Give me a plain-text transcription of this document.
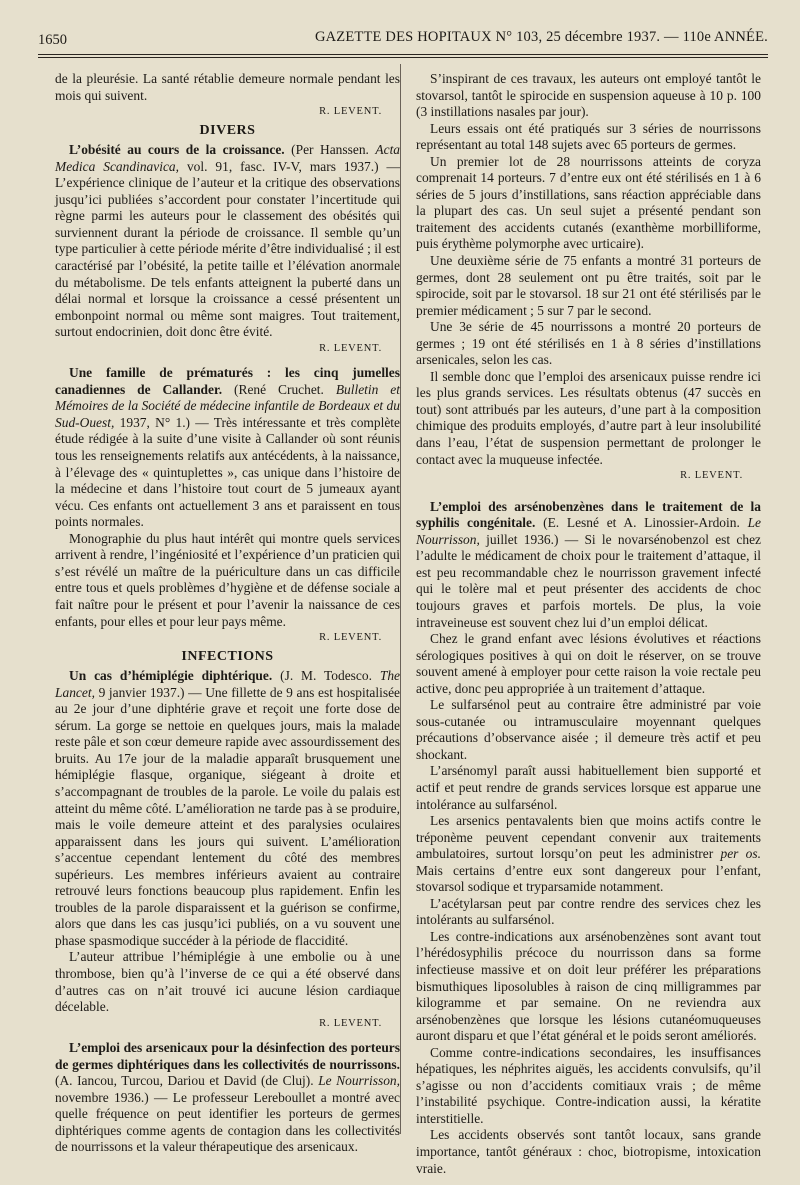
1650	GAZETTE DES HOPITAUX N° 103, 25 décembre 1937. — 110e ANNÉE.

de la pleurésie. La santé rétablie demeure normale pendant les mois qui suivent.

R. LEVENT.

DIVERS

L’obésité au cours de la croissance. (Per Hanssen. Acta Medica Scandinavica, vol. 91, fasc. IV-V, mars 1937.) — L’expérience clinique de l’auteur et la critique des observations jusqu’ici publiées s’accordent pour constater l’incertitude qui règne parmi les auteurs pour le classement des obésités qui surviennent durant la période de croissance. Il semble qu’un type particulier à cette période mérite d’être individualisé ; il est caractérisé par l’obésité, la petite taille et l’élévation anormale du métabolisme. De tels enfants atteignent la puberté dans un délai normal et lorsque la croissance a cessé présentent un embonpoint normal ou même sont maigres. Tout traitement, surtout endocrinien, doit donc être évité.

R. LEVENT.

Une famille de prématurés : les cinq jumelles canadiennes de Callander. (René Cruchet. Bulletin et Mémoires de la Société de médecine infantile de Bordeaux et du Sud-Ouest, 1937, N° 1.) — Très intéressante et très complète étude rédigée à la suite d’une visite à Callander où sont réunis tous les renseignements relatifs aux antécédents, à la naissance, à l’élevage des « quintuplettes », cas unique dans l’histoire de la médecine et dans l’histoire tout court de 5 jumeaux ayant vécu. Ces enfants ont actuellement 3 ans et paraissent en tous points normales.

Monographie du plus haut intérêt qui montre quels services arrivent à rendre, l’ingéniosité et l’expérience d’un praticien qui s’est révélé un maître de la puériculture dans un cas difficile entre tous et quels problèmes d’hygiène et de défense sociale a fait naître pour le présent et pour l’avenir la naissance de ces enfants, pour elles et pour leur pays même.

R. LEVENT.

INFECTIONS

Un cas d’hémiplégie diphtérique. (J. M. Todesco. The Lancet, 9 janvier 1937.) — Une fillette de 9 ans est hospitalisée au 2e jour d’une diphtérie grave et reçoit une forte dose de sérum. La gorge se nettoie en quelques jours, mais la malade reste pâle et son cœur demeure rapide avec assourdissement des bruits. Au 17e jour de la maladie apparaît brusquement une hémiplégie flasque, organique, siégeant à droite et s’accompagnant de troubles de la parole. Le voile du palais est atteint du même côté. L’amélioration ne tarde pas à se produire, mais le voile demeure atteint et des paralysies oculaires apparaissent dans les jours qui suivent. L’amélioration s’accentue cependant lentement du côté des membres supérieurs. Les membres inférieurs avaient au contraire retrouvé leurs fonctions beaucoup plus rapidement. Enfin les troubles de la parole disparaissent et la guérison se confirme, alors que dans les cas jusqu’ici publiés, on a vu souvent une phase spasmodique succéder à la période de flaccidité.

L’auteur attribue l’hémiplégie à une embolie ou à une thrombose, bien qu’à l’inverse de ce qui a été observé dans d’autres cas on n’ait trouvé ici aucune lésion cardiaque décelable.

R. LEVENT.

L’emploi des arsenicaux pour la désinfection des porteurs de germes diphtériques dans les collectivités de nourrissons. (A. Iancou, Turcou, Dariou et David (de Cluj). Le Nourrisson, novembre 1936.) — Le professeur Lereboullet a montré avec quelle fréquence on peut identifier les porteurs de germes diphtériques comme agents de contagion dans les collectivités de nourrissons et la valeur thérapeutique des arsenicaux.

S’inspirant de ces travaux, les auteurs ont employé tantôt le stovarsol, tantôt le spirocide en suspension aqueuse à 10 p. 100 (3 instillations nasales par jour).

Leurs essais ont été pratiqués sur 3 séries de nourrissons représentant au total 148 sujets avec 65 porteurs de germes.

Un premier lot de 28 nourrissons atteints de coryza comprenait 14 porteurs. 7 d’entre eux ont été stérilisés en 1 à 6 séries de 5 jours d’instillations, sans réaction appréciable dans la plupart des cas. Un seul sujet a présenté pendant son traitement des accidents cutanés (exanthème morbilliforme, puis érythème polymorphe avec urticaire).

Une deuxième série de 75 enfants a montré 31 porteurs de germes, dont 28 seulement ont pu être traités, soit par le spirocide, soit par le stovarsol. 18 sur 21 ont été stérilisés par le premier médicament ; 5 sur 7 par le second.

Une 3e série de 45 nourrissons a montré 20 porteurs de germes ; 19 ont été stérilisés en 1 à 8 séries d’instillations arsenicales, selon les cas.

Il semble donc que l’emploi des arsenicaux puisse rendre ici les plus grands services. Les résultats obtenus (47 succès en tout) sont attribués par les auteurs, d’une part à la composition chimique des produits employés, d’autre part à leur insolubilité dans l’eau, l’état de suspension permettant de prolonger le contact avec la muqueuse infectée.

R. LEVENT.

L’emploi des arsénobenzènes dans le traitement de la syphilis congénitale. (E. Lesné et A. Linossier-Ardoin. Le Nourrisson, juillet 1936.) — Si le novarsénobenzol est chez l’adulte le médicament de choix pour le traitement d’attaque, il est peu recommandable chez le nourrisson gravement infecté qui le tolère mal et peut présenter des accidents de choc toujours graves et parfois mortels. De plus, la voie intraveineuse est souvent chez lui d’un emploi délicat.

Chez le grand enfant avec lésions évolutives et réactions sérologiques positives à qui on doit le réserver, on se trouve souvent amené à employer pour cette raison la voie rectale peu active, donc peu appropriée à un traitement d’attaque.

Le sulfarsénol peut au contraire être administré par voie sous-cutanée ou intramusculaire moyennant quelques précautions d’observance aisée ; il demeure très actif et peu shockant.

L’arsénomyl paraît aussi habituellement bien supporté et actif et peut rendre de grands services lorsque est apparue une intolérance au sulfarsénol.

Les arsenics pentavalents bien que moins actifs contre le tréponème peuvent cependant convenir aux traitements ambulatoires, surtout lorsqu’on peut les administrer per os. Mais certains d’entre eux sont dangereux pour l’enfant, stovarsol sodique et tryparsamide notamment.

L’acétylarsan peut par contre rendre des services chez les intolérants au sulfarsénol.

Les contre-indications aux arsénobenzènes sont avant tout l’hérédosyphilis précoce du nourrisson dans sa forme infectieuse massive et on doit leur préférer les préparations bismuthiques liposolubles à raison de cinq milligrammes par kilogramme et par semaine. On ne reviendra aux arsénobenzènes que lorsque les lésions cutanéomuqueuses auront disparu et que l’état général et le poids seront améliorés.

Comme contre-indications secondaires, les insuffisances hépatiques, les néphrites aiguës, les accidents convulsifs, qu’il s’agisse ou non d’accidents comitiaux vrais ; de même l’instabilité psychique. Contre-indication aussi, la kératite interstitielle.

Les accidents observés sont tantôt locaux, sans grande importance, tantôt généraux : choc, biotropisme, intoxication vraie.
